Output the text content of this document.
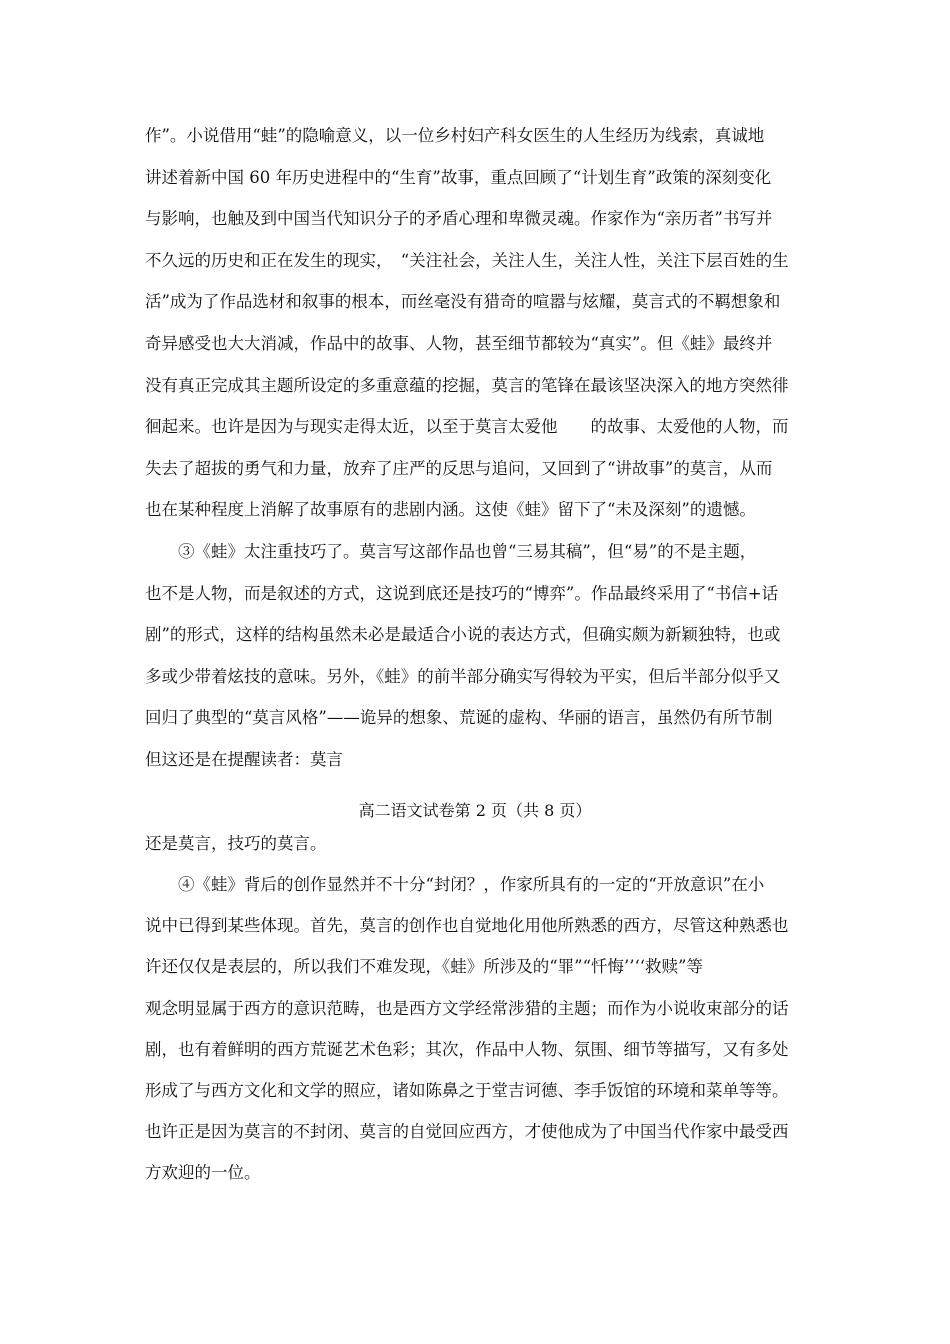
作”。小说借用“蛙”的隐喻意义，以一位乡村妇产科女医生的人生经历为线索，真诚地
讲述着新中国 60 年历史进程中的“生育”故事，重点回顾了“计划生育”政策的深刻变化
与影响，也触及到中国当代知识分子的矛盾心理和卑微灵魂。作家作为“亲历者”书写并
不久远的历史和正在发生的现实，　“关注社会，关注人生，关注人性，关注下层百姓的生
活”成为了作品选材和叙事的根本，而丝毫没有猎奇的喧嚣与炫耀，莫言式的不羁想象和
奇异感受也大大消减，作品中的故事、人物，甚至细节都较为“真实”。但《蛙》最终并
没有真正完成其主题所设定的多重意蕴的挖掘，莫言的笔锋在最该坚决深入的地方突然徘
徊起来。也许是因为与现实走得太近，以至于莫言太爱他　　的故事、太爱他的人物，而
失去了超拔的勇气和力量，放弃了庄严的反思与追问，又回到了“讲故事”的莫言，从而
也在某种程度上消解了故事原有的悲剧内涵。这使《蛙》留下了“未及深刻”的遗憾。
③《蛙》太注重技巧了。莫言写这部作品也曾“三易其稿”，但“易”的不是主题，
也不是人物，而是叙述的方式，这说到底还是技巧的“博弈”。作品最终采用了“书信+话
剧”的形式，这样的结构虽然未必是最适合小说的表达方式，但确实颇为新颖独特，也或
多或少带着炫技的意味。另外，《蛙》的前半部分确实写得较为平实，但后半部分似乎又
回归了典型的“莫言风格”——诡异的想象、荒诞的虚构、华丽的语言，虽然仍有所节制
但这还是在提醒读者：莫言
高二语文试卷第 2 页（共 8 页）
还是莫言，技巧的莫言。
④《蛙》背后的创作显然并不十分“封闭？，作家所具有的一定的“开放意识”在小
说中已得到某些体现。首先，莫言的创作也自觉地化用他所熟悉的西方，尽管这种熟悉也
许还仅仅是表层的，所以我们不难发现，《蛙》所涉及的“罪”“忏悔’’‘‘救赎”等
观念明显属于西方的意识范畴，也是西方文学经常涉猎的主题；而作为小说收束部分的话
剧，也有着鲜明的西方荒诞艺术色彩；其次，作品中人物、氛围、细节等描写，又有多处
形成了与西方文化和文学的照应，诸如陈鼻之于堂吉诃德、李手饭馆的环境和菜单等等。
也许正是因为莫言的不封闭、莫言的自觉回应西方，才使他成为了中国当代作家中最受西
方欢迎的一位。
